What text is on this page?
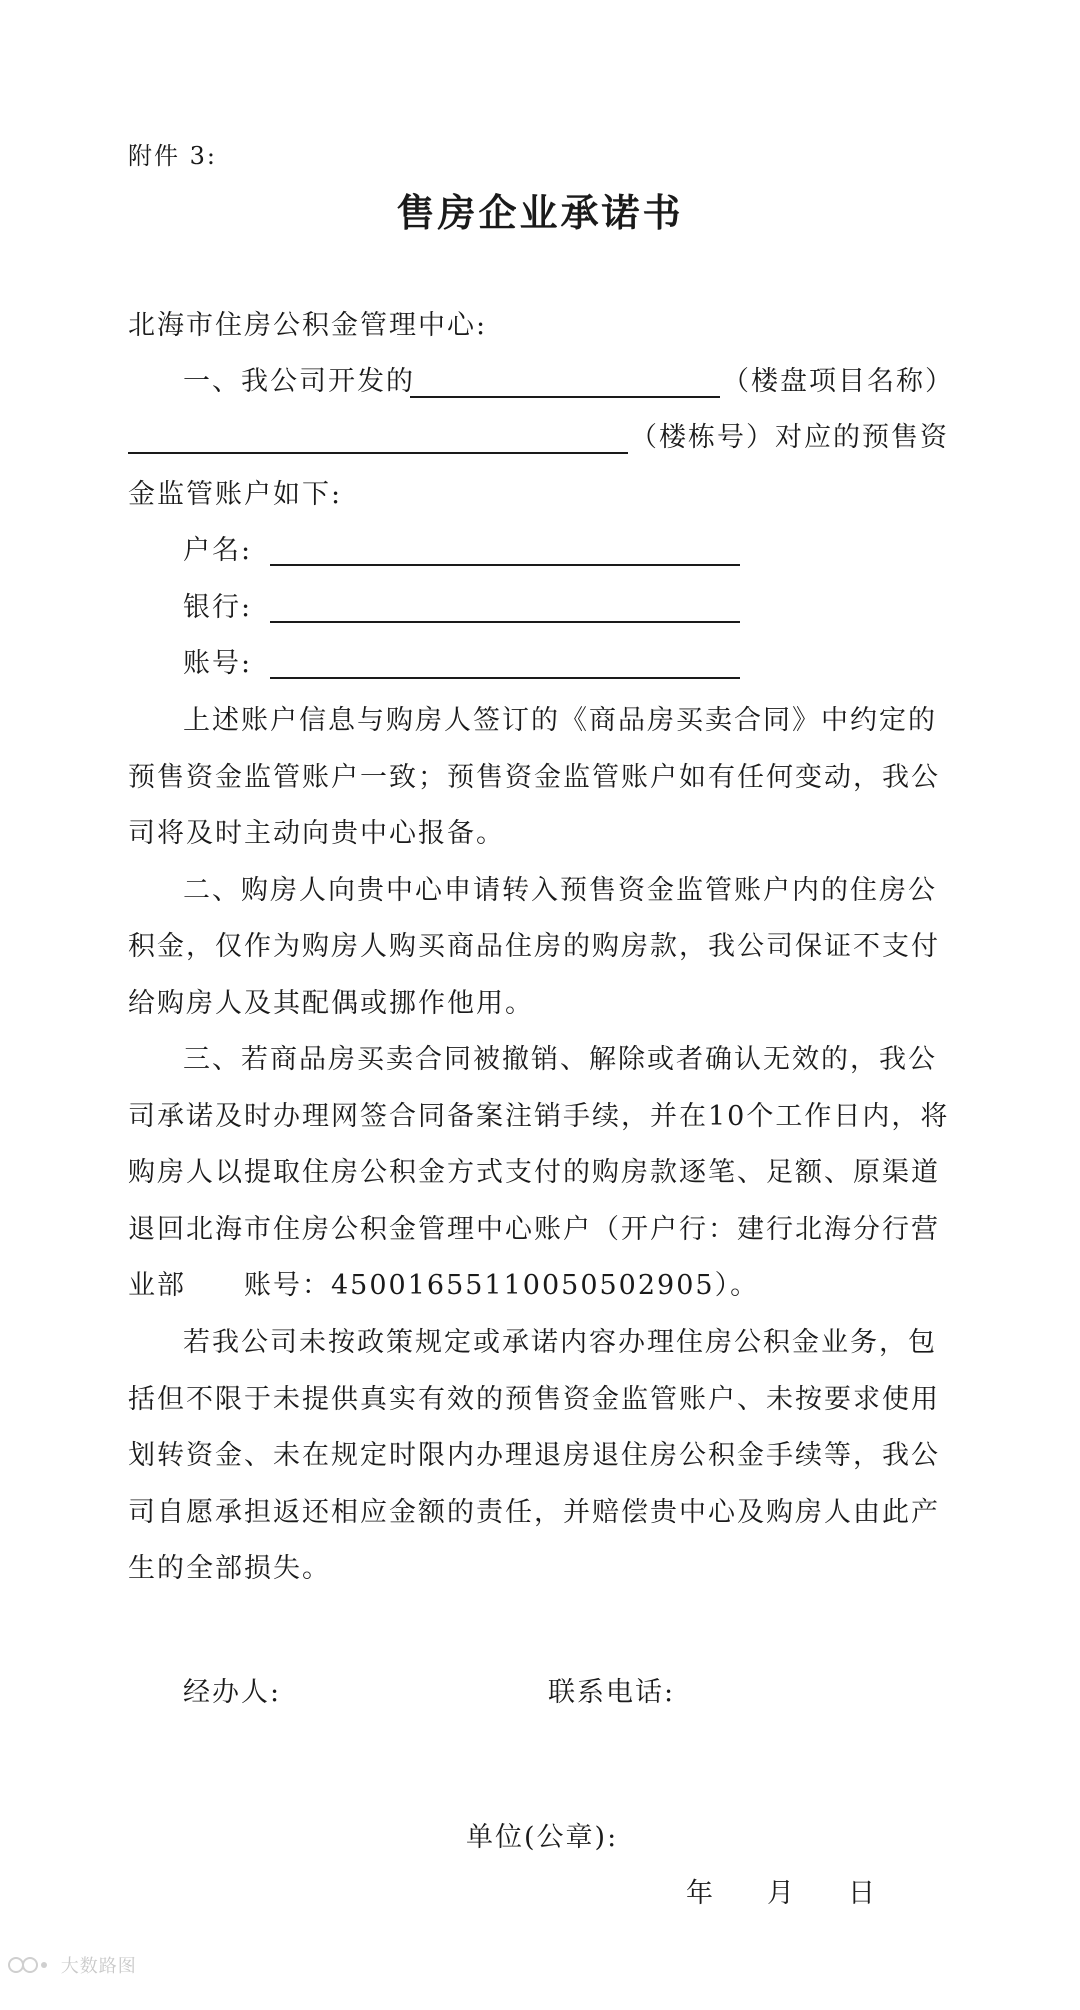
附件 3:
售房企业承诺书
北海市住房公积金管理中心:
一、我公司开发的	（楼盘项目名称）
（楼栋号）对应的预售资
金监管账户如下:
户名:
银行:
账号:
上述账户信息与购房人签订的《商品房买卖合同》中约定的
预售资金监管账户一致；预售资金监管账户如有任何变动，我公
司将及时主动向贵中心报备。
二、购房人向贵中心申请转入预售资金监管账户内的住房公
积金，仅作为购房人购买商品住房的购房款，我公司保证不支付
给购房人及其配偶或挪作他用。
三、若商品房买卖合同被撤销、解除或者确认无效的，我公
司承诺及时办理网签合同备案注销手续，并在10个工作日内，将
购房人以提取住房公积金方式支付的购房款逐笔、足额、原渠道
退回北海市住房公积金管理中心账户（开户行：建行北海分行营
业部　　账号：45001655110050502905）。
若我公司未按政策规定或承诺内容办理住房公积金业务，包
括但不限于未提供真实有效的预售资金监管账户、未按要求使用
划转资金、未在规定时限内办理退房退住房公积金手续等，我公
司自愿承担返还相应金额的责任，并赔偿贵中心及购房人由此产
生的全部损失。
经办人:	联系电话:
单位(公章):
年 月 日
大数路图
